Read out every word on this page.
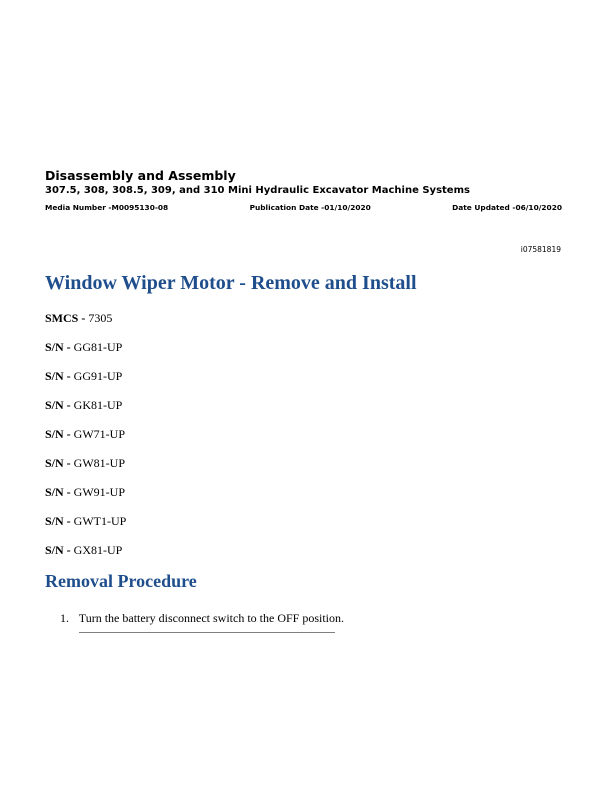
Disassembly and Assembly

307.5, 308, 308.5, 309, and 310 Mini Hydraulic Excavator Machine Systems

Media Number -M0095130-08	Publication Date -01/10/2020	Date Updated -06/10/2020
i07581819
Window Wiper Motor - Remove and Install
SMCS - 7305
S/N - GG81-UP
S/N - GG91-UP
S/N - GK81-UP
S/N - GW71-UP
S/N - GW81-UP
S/N - GW91-UP
S/N - GWT1-UP
S/N - GX81-UP
Removal Procedure
1. Turn the battery disconnect switch to the OFF position.
